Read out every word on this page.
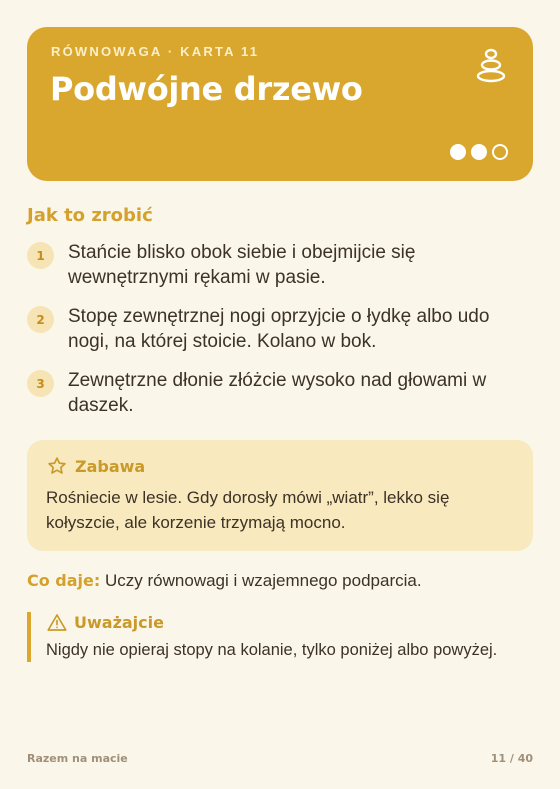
RÓWNOWAGA · KARTA 11
Podwójne drzewo
Jak to zrobić
1	Stańcie blisko obok siebie i obejmijcie się wewnętrznymi rękami w pasie.
2	Stopę zewnętrznej nogi oprzyjcie o łydkę albo udo nogi, na której stoicie. Kolano w bok.
3	Zewnętrzne dłonie złóżcie wysoko nad głowami w daszek.
Zabawa
Rośniecie w lesie. Gdy dorosły mówi „wiatr”, lekko się kołyszcie, ale korzenie trzymają mocno.
Co daje: Uczy równowagi i wzajemnego podparcia.
Uważajcie
Nigdy nie opieraj stopy na kolanie, tylko poniżej albo powyżej.
Razem na macie	11 / 40
